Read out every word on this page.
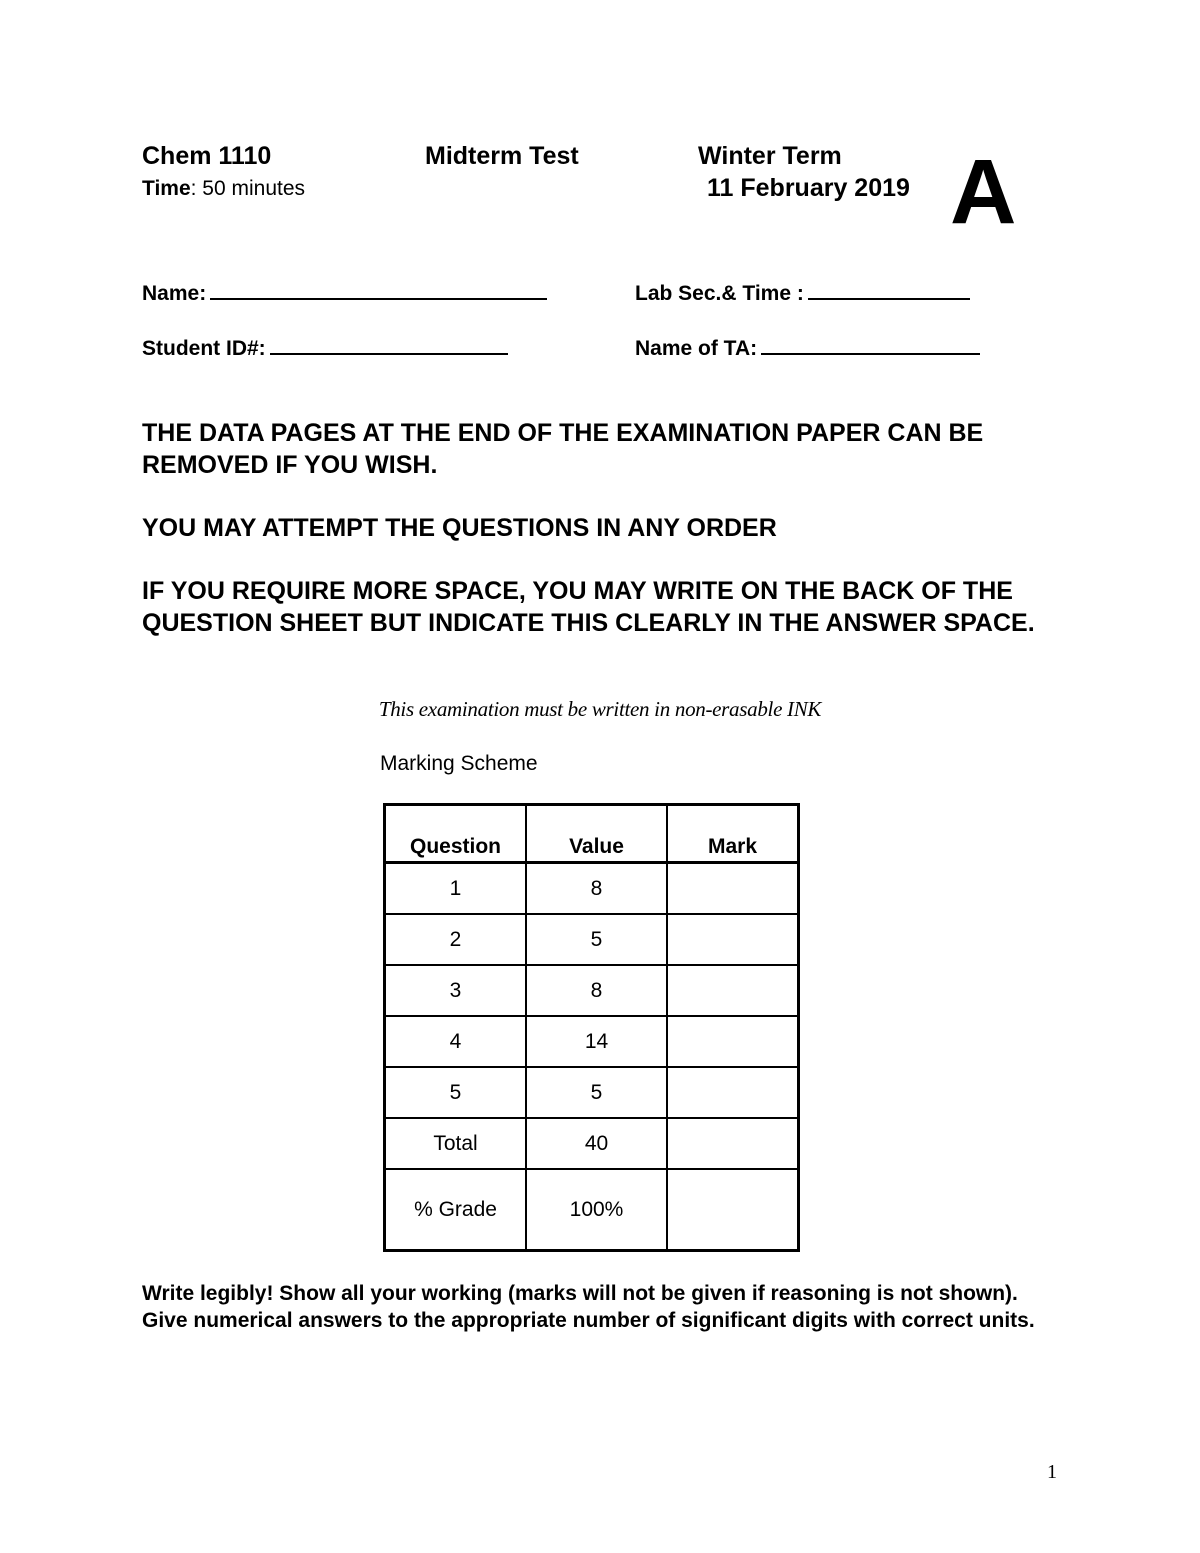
Chem 1110	Midterm Test	Winter Term
Time: 50 minutes	11 February 2019 A
Name:	Lab Sec.& Time :
Student ID#:	Name of TA:
THE DATA PAGES AT THE END OF THE EXAMINATION PAPER CAN BE REMOVED IF YOU WISH.
YOU MAY ATTEMPT THE QUESTIONS IN ANY ORDER
IF YOU REQUIRE MORE SPACE, YOU MAY WRITE ON THE BACK OF THE QUESTION SHEET BUT INDICATE THIS CLEARLY IN THE ANSWER SPACE.
This examination must be written in non-erasable INK
Marking Scheme
Question	Value	Mark
1	8	
2	5	
3	8	
4	14	
5	5	
Total	40	
% Grade	100%	
Write legibly! Show all your working (marks will not be given if reasoning is not shown). Give numerical answers to the appropriate number of significant digits with correct units.
1
